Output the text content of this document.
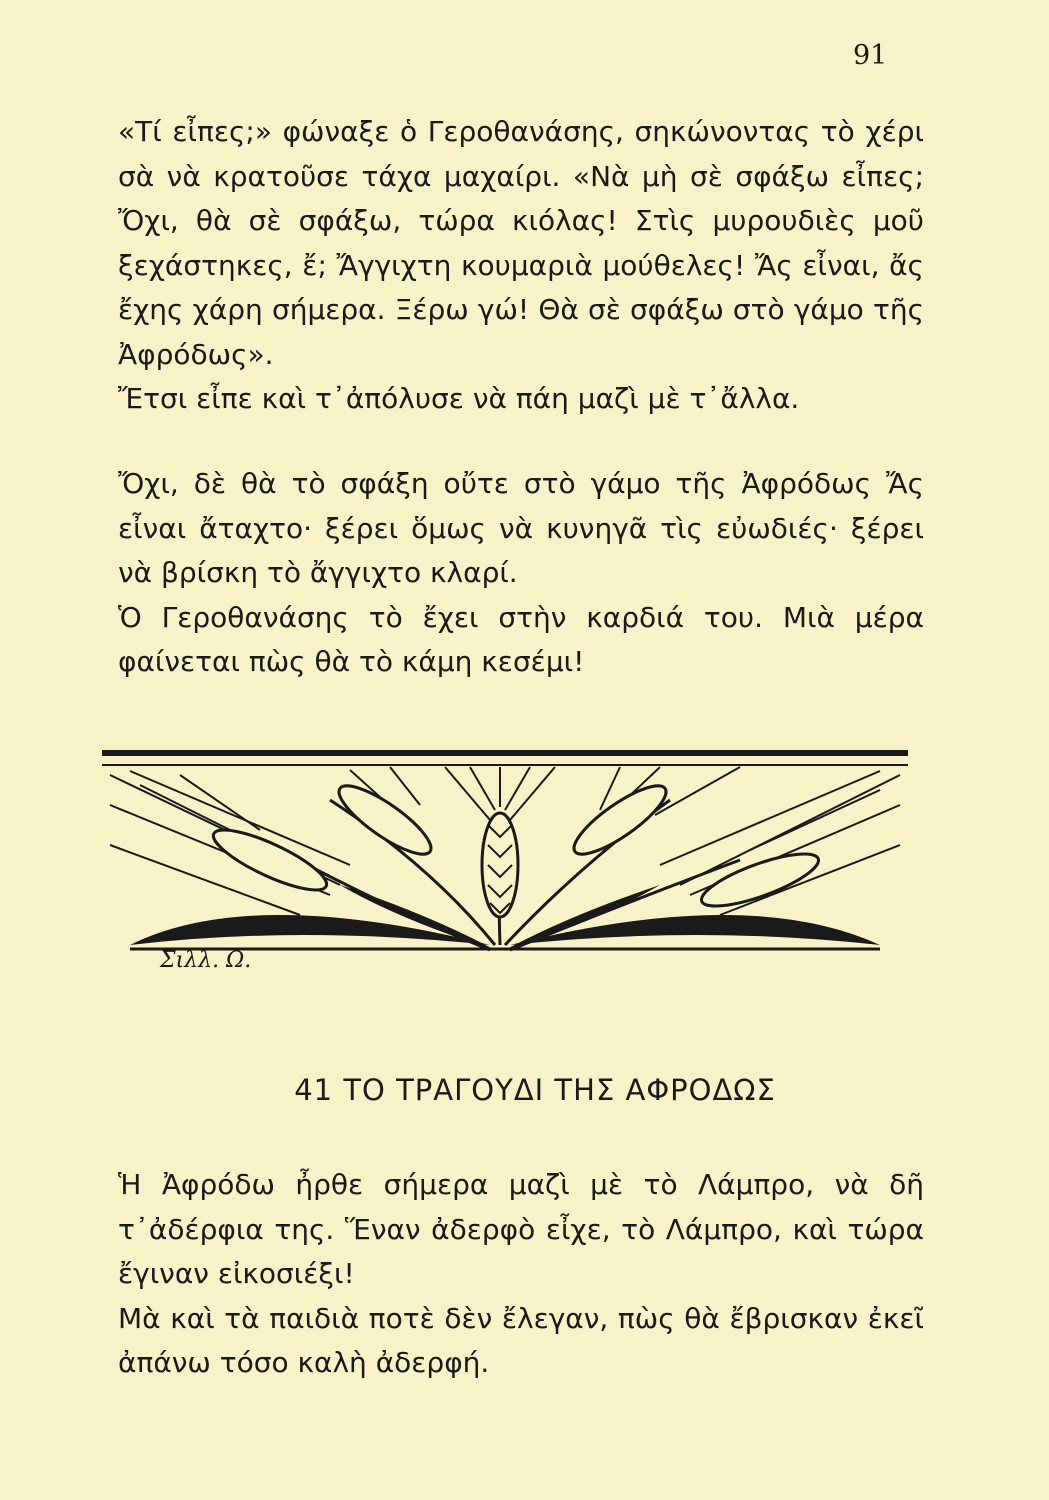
91

«Τί εἶπες;» φώναξε ὁ Γεροθανάσης, σηκώνοντας τὸ χέρι σὰ νὰ κρατοῦσε τάχα μαχαίρι. «Νὰ μὴ σὲ σφάξω εἶπες; Ὄχι, θὰ σὲ σφάξω, τώρα κιόλας! Στὶς μυρουδιὲς μοῦ ξεχάστηκες, ἔ; Ἄγγιχτη κουμαριὰ μούθελες! Ἄς εἶναι, ἄς ἔχης χάρη σήμερα. Ξέρω γώ! Θὰ σὲ σφάξω στὸ γάμο τῆς Ἀφρόδως».

Ἔτσι εἶπε καὶ τ᾽ἀπόλυσε νὰ πάη μαζὶ μὲ τ᾽ἄλλα.

Ὄχι, δὲ θὰ τὸ σφάξη οὔτε στὸ γάμο τῆς Ἀφρόδως Ἄς εἶναι ἄταχτο· ξέρει ὅμως νὰ κυνηγᾶ τὶς εὐωδιές· ξέρει νὰ βρίσκη τὸ ἄγγιχτο κλαρί.

Ὁ Γεροθανάσης τὸ ἔχει στὴν καρδιά του. Μιὰ μέρα φαίνεται πὼς θὰ τὸ κάμη κεσέμι!

Σιλλ. Ω.
41 ΤΟ ΤΡΑΓΟΥΔΙ ΤΗΣ ΑΦΡΟΔΩΣ

Ἡ Ἀφρόδω ἦρθε σήμερα μαζὶ μὲ τὸ Λάμπρο, νὰ δῆ τ᾽ἀδέρφια της. Ἕναν ἀδερφὸ εἶχε, τὸ Λάμπρο, καὶ τώρα ἔγιναν εἰκοσιέξι!

Μὰ καὶ τὰ παιδιὰ ποτὲ δὲν ἔλεγαν, πὼς θὰ ἔβρισκαν ἐκεῖ ἀπάνω τόσο καλὴ ἀδερφή.
